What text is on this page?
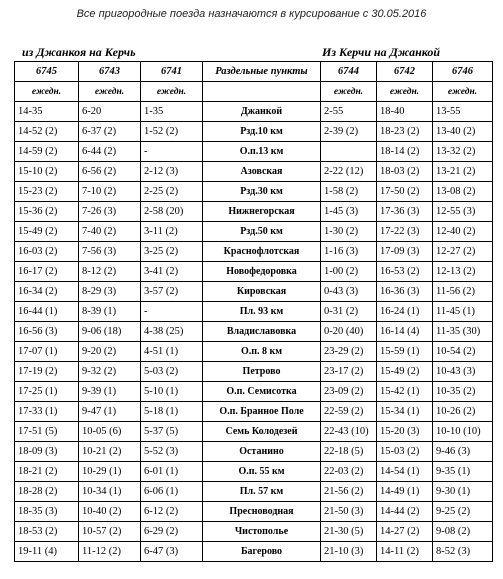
Все пригородные поезда назначаются в курсирование с 30.05.2016
из Джанкоя на Керчь	Из Керчи на Джанкой
6745	6743	6741	Раздельные пункты	6744	6742	6746
ежедн.	ежедн.	ежедн.		ежедн.	ежедн.	ежедн.
14-35	6-20	1-35	Джанкой	2-55	18-40	13-55
14-52 (2)	6-37 (2)	1-52 (2)	Рзд.10 км	2-39 (2)	18-23 (2)	13-40 (2)
14-59 (2)	6-44 (2)	-	О.п.13 км		18-14 (2)	13-32 (2)
15-10 (2)	6-56 (2)	2-12 (3)	Азовская	2-22 (12)	18-03 (2)	13-21 (2)
15-23 (2)	7-10 (2)	2-25 (2)	Рзд.30 км	1-58 (2)	17-50 (2)	13-08 (2)
15-36 (2)	7-26 (3)	2-58 (20)	Нижнегорская	1-45 (3)	17-36 (3)	12-55 (3)
15-49 (2)	7-40 (2)	3-11 (2)	Рзд.50 км	1-30 (2)	17-22 (3)	12-40 (2)
16-03 (2)	7-56 (3)	3-25 (2)	Краснофлотская	1-16 (3)	17-09 (3)	12-27 (2)
16-17 (2)	8-12 (2)	3-41 (2)	Новофедоровка	1-00 (2)	16-53 (2)	12-13 (2)
16-34 (2)	8-29 (3)	3-57 (2)	Кировская	0-43 (3)	16-36 (3)	11-56 (2)
16-44 (1)	8-39 (1)	-	Пл. 93 км	0-31 (2)	16-24 (1)	11-45 (1)
16-56 (3)	9-06 (18)	4-38 (25)	Владиславовка	0-20 (40)	16-14 (4)	11-35 (30)
17-07 (1)	9-20 (2)	4-51 (1)	О.п. 8 км	23-29 (2)	15-59 (1)	10-54 (2)
17-19 (2)	9-32 (2)	5-03 (2)	Петрово	23-17 (2)	15-49 (2)	10-43 (3)
17-25 (1)	9-39 (1)	5-10 (1)	О.п. Семисотка	23-09 (2)	15-42 (1)	10-35 (2)
17-33 (1)	9-47 (1)	5-18 (1)	О.п. Бранное Поле	22-59 (2)	15-34 (1)	10-26 (2)
17-51 (5)	10-05 (6)	5-37 (5)	Семь Колодезей	22-43 (10)	15-20 (3)	10-10 (10)
18-09 (3)	10-21 (2)	5-52 (3)	Останино	22-18 (5)	15-03 (2)	9-46 (3)
18-21 (2)	10-29 (1)	6-01 (1)	О.п. 55 км	22-03 (2)	14-54 (1)	9-35 (1)
18-28 (2)	10-34 (1)	6-06 (1)	Пл. 57 км	21-56 (2)	14-49 (1)	9-30 (1)
18-35 (3)	10-40 (2)	6-12 (2)	Пресноводная	21-50 (3)	14-44 (2)	9-25 (2)
18-53 (2)	10-57 (2)	6-29 (2)	Чистополье	21-30 (5)	14-27 (2)	9-08 (2)
19-11 (4)	11-12 (2)	6-47 (3)	Багерово	21-10 (3)	14-11 (2)	8-52 (3)
